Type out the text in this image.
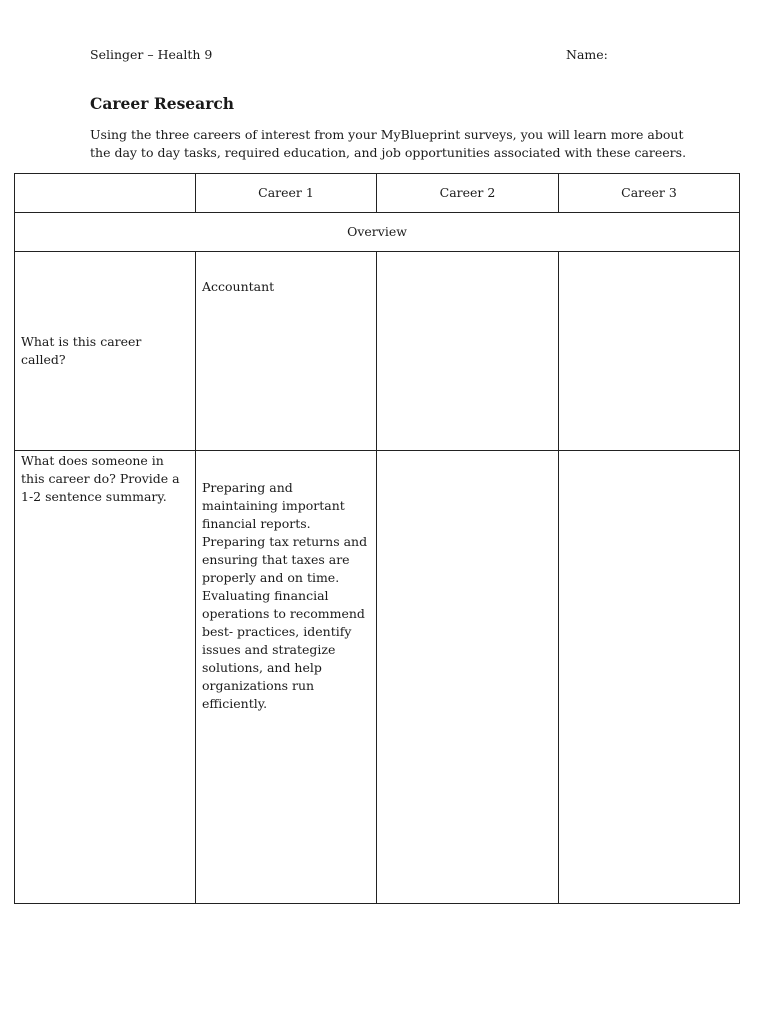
Selinger – Health 9	Name:
Career Research

Using the three careers of interest from your MyBlueprint surveys, you will learn more about the day to day tasks, required education, and job opportunities associated with these careers.

	Career 1	Career 2	Career 3
Overview			
What is this career called?	Accountant		
What does someone in this career do? Provide a 1-2 sentence summary.	Preparing and maintaining important financial reports. Preparing tax returns and ensuring that taxes are properly and on time. Evaluating financial operations to recommend best- practices, identify issues and strategize solutions, and help organizations run efficiently.		
